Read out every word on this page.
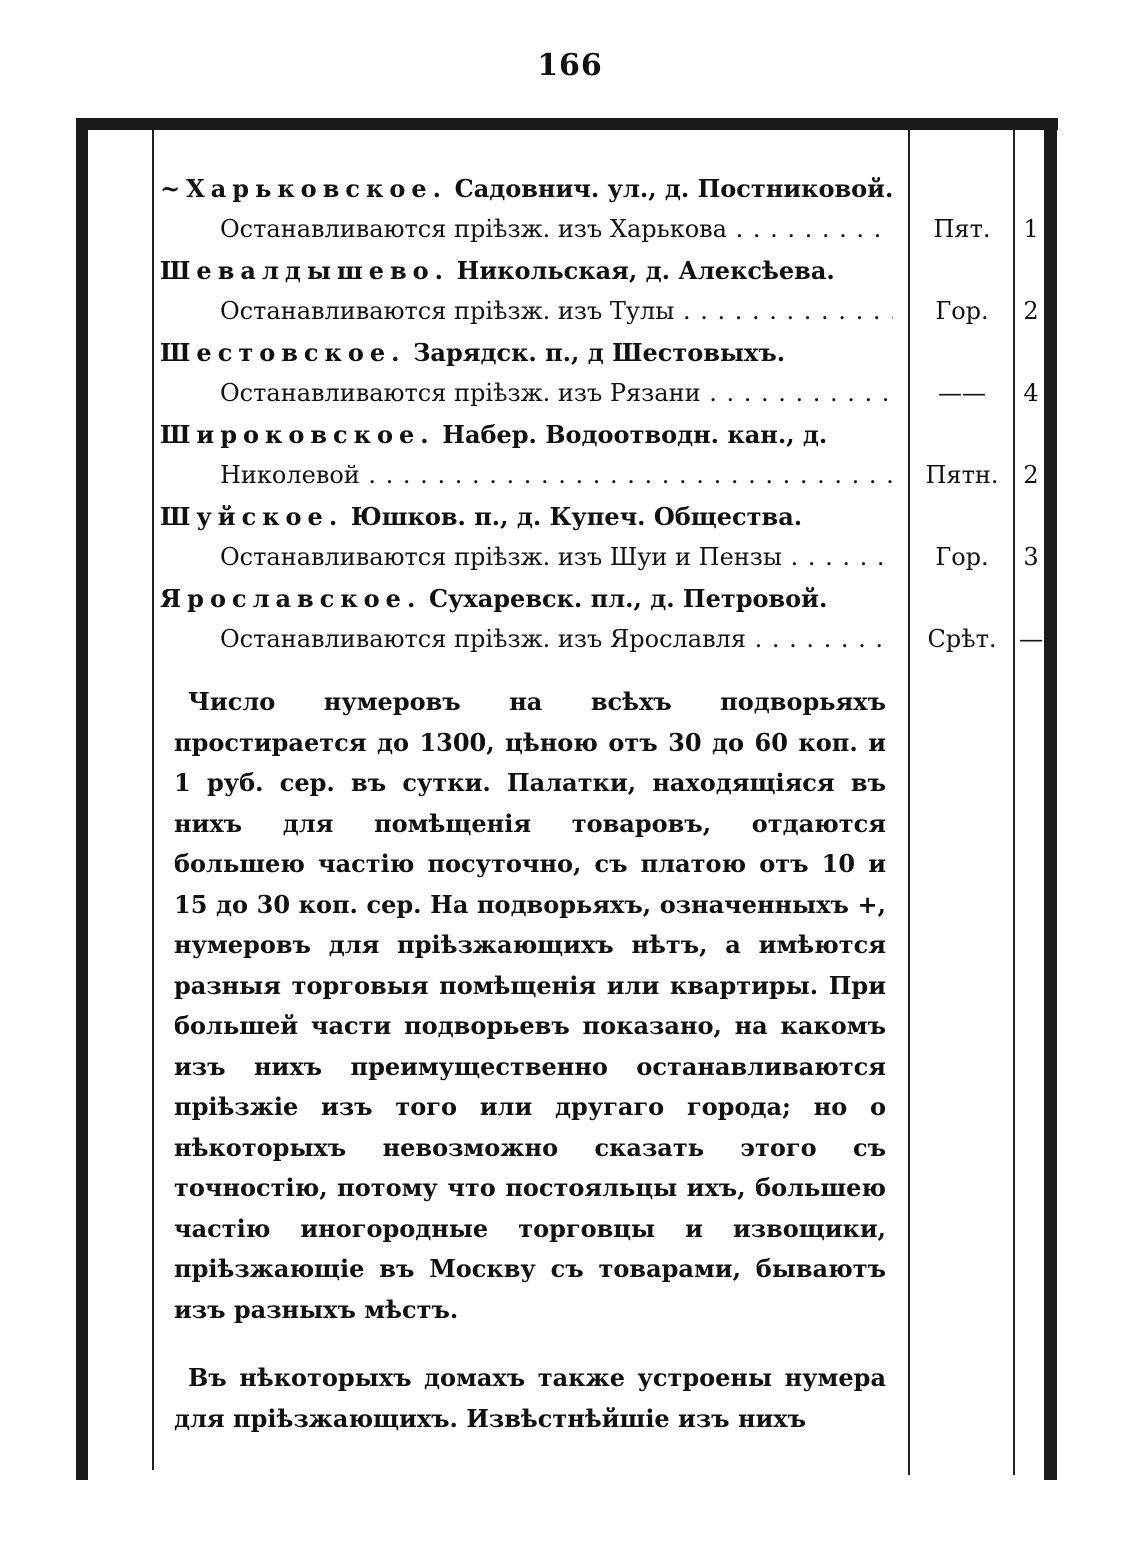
166
~Харьковское. Садовнич. ул., д. Постниковой.
Останавливаются пріѣзж. изъ Харькова . . .	Пят.	1
Шевалдышево. Никольская, д. Алексѣева.
Останавливаются пріѣзж. изъ Тулы . . .	Гор.	2
Шестовское. Зарядск. п., д Шестовыхъ.
Останавливаются пріѣзж. изъ Рязани . . .	——	4
Широковское. Набер. Водоотводн. кан., д.
Николевой . . .	Пятн.	2
Шуйское. Юшков. п., д. Купеч. Общества.
Останавливаются пріѣзж. изъ Шуи и Пензы . . .	Гор.	3
Ярославское. Сухаревск. пл., д. Петровой.
Останавливаются пріѣзж. изъ Ярославля . . .	Срѣт. —
Число нумеровъ на всѣхъ подворьяхъ простирается до 1300, цѣною отъ 30 до 60 коп. и 1 руб. сер. въ сутки. Палатки, находящіяся въ нихъ для помѣщенія товаровъ, отдаются большею частію посуточно, съ платою отъ 10 и 15 до 30 коп. сер. На подворьяхъ, означенныхъ +, нумеровъ для пріѣзжающихъ нѣтъ, а имѣются разныя торговыя помѣщенія или квартиры. При большей части подворьевъ показано, на какомъ изъ нихъ преимущественно останавливаются пріѣзжіе изъ того или другаго города; но о нѣкоторыхъ невозможно сказать этого съ точностію, потому что постояльцы ихъ, большею частію иногородные торговцы и извощики, пріѣзжающіе въ Москву съ товарами, бываютъ изъ разныхъ мѣстъ.
Въ нѣкоторыхъ домахъ также устроены нумера для пріѣзжающихъ. Извѣстнѣйшіе изъ нихъ
